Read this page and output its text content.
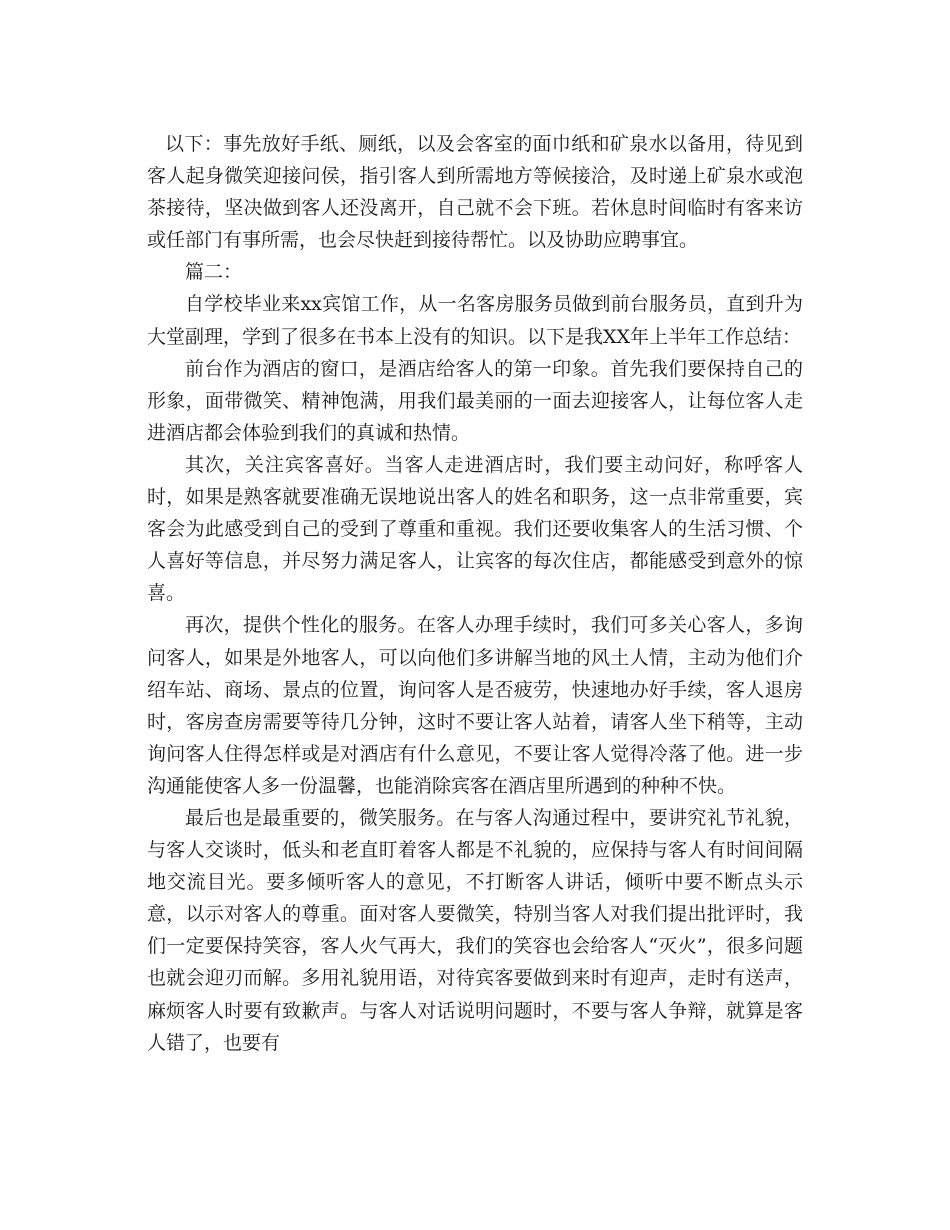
以下：事先放好手纸、厕纸，以及会客室的面巾纸和矿泉水以备用，待见到客人起身微笑迎接问侯，指引客人到所需地方等候接洽，及时递上矿泉水或泡茶接待，坚决做到客人还没离开，自己就不会下班。若休息时间临时有客来访或任部门有事所需，也会尽快赶到接待帮忙。以及协助应聘事宜。

篇二：

自学校毕业来xx宾馆工作，从一名客房服务员做到前台服务员，直到升为大堂副理，学到了很多在书本上没有的知识。以下是我XX年上半年工作总结：

前台作为酒店的窗口，是酒店给客人的第一印象。首先我们要保持自己的形象，面带微笑、精神饱满，用我们最美丽的一面去迎接客人，让每位客人走进酒店都会体验到我们的真诚和热情。

其次，关注宾客喜好。当客人走进酒店时，我们要主动问好，称呼客人时，如果是熟客就要准确无误地说出客人的姓名和职务，这一点非常重要，宾客会为此感受到自己的受到了尊重和重视。我们还要收集客人的生活习惯、个人喜好等信息，并尽努力满足客人，让宾客的每次住店，都能感受到意外的惊喜。

再次，提供个性化的服务。在客人办理手续时，我们可多关心客人，多询问客人，如果是外地客人，可以向他们多讲解当地的风土人情，主动为他们介绍车站、商场、景点的位置，询问客人是否疲劳，快速地办好手续，客人退房时，客房查房需要等待几分钟，这时不要让客人站着，请客人坐下稍等，主动询问客人住得怎样或是对酒店有什么意见，不要让客人觉得冷落了他。进一步沟通能使客人多一份温馨，也能消除宾客在酒店里所遇到的种种不快。

最后也是最重要的，微笑服务。在与客人沟通过程中，要讲究礼节礼貌，与客人交谈时，低头和老直盯着客人都是不礼貌的，应保持与客人有时间间隔地交流目光。要多倾听客人的意见，不打断客人讲话，倾听中要不断点头示意，以示对客人的尊重。面对客人要微笑，特别当客人对我们提出批评时，我们一定要保持笑容，客人火气再大，我们的笑容也会给客人“灭火”，很多问题也就会迎刃而解。多用礼貌用语，对待宾客要做到来时有迎声，走时有送声，麻烦客人时要有致歉声。与客人对话说明问题时，不要与客人争辩，就算是客人错了，也要有
